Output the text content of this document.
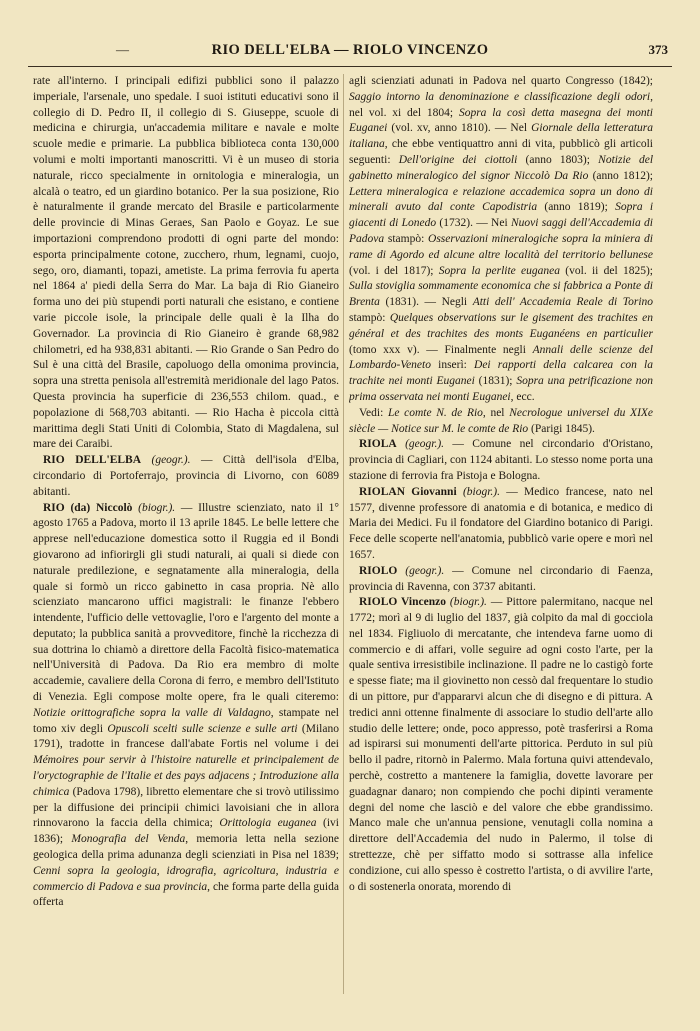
—	RIO DELL'ELBA — RIOLO VINCENZO	373

rate all'interno. I principali edifizi pubblici sono il palazzo imperiale, l'arsenale, uno spedale. I suoi istituti educativi sono il collegio di D. Pedro II, il collegio di S. Giuseppe, scuole di medicina e chirurgia, un'accademia militare e navale e molte scuole medie e primarie. La pubblica biblioteca conta 130,000 volumi e molti importanti manoscritti. Vi è un museo di storia naturale, ricco specialmente in ornitologia e mineralogia, un alcalà o teatro, ed un giardino botanico. Per la sua posizione, Rio è naturalmente il grande mercato del Brasile e particolarmente delle provincie di Minas Geraes, San Paolo e Goyaz. Le sue importazioni comprendono prodotti di ogni parte del mondo: esporta principalmente cotone, zucchero, rhum, legnami, cuojo, sego, oro, diamanti, topazi, ametiste. La prima ferrovia fu aperta nel 1864 a' piedi della Serra do Mar. La baja di Rio Gianeiro forma uno dei più stupendi porti naturali che esistano, e contiene varie piccole isole, la principale delle quali è la Ilha do Governador. La provincia di Rio Gianeiro è grande 68,982 chilometri, ed ha 938,831 abitanti. — Rio Grande o San Pedro do Sul è una città del Brasile, capoluogo della omonima provincia, sopra una stretta penisola all'estremità meridionale del lago Patos. Questa provincia ha superficie di 236,553 chilom. quad., e popolazione di 568,703 abitanti. — Rio Hacha è piccola città marittima degli Stati Uniti di Colombia, Stato di Magdalena, sul mare dei Caraibi.

RIO DELL'ELBA (geogr.). — Città dell'isola d'Elba, circondario di Portoferrajo, provincia di Livorno, con 6089 abitanti.

RIO (da) Niccolò (biogr.). — Illustre scienziato, nato il 1° agosto 1765 a Padova, morto il 13 aprile 1845. Le belle lettere che apprese nell'educazione domestica sotto il Ruggia ed il Bondi giovarono ad infiorirgli gli studi naturali, ai quali si diede con naturale predilezione, e segnatamente alla mineralogia, della quale si formò un ricco gabinetto in casa propria. Nè allo scienziato mancarono uffici magistrali: le finanze l'ebbero intendente, l'ufficio delle vettovaglie, l'oro e l'argento del monte a deputato; la pubblica sanità a provveditore, finchè la ricchezza di sua dottrina lo chiamò a direttore della Facoltà fisico-matematica nell'Università di Padova. Da Rio era membro di molte accademie, cavaliere della Corona di ferro, e membro dell'Istituto di Venezia. Egli compose molte opere, fra le quali citeremo: Notizie orittografiche sopra la valle di Valdagno, stampate nel tomo xiv degli Opuscoli scelti sulle scienze e sulle arti (Milano 1791), tradotte in francese dall'abate Fortis nel volume i dei Mémoires pour servir à l'histoire naturelle et principalement de l'oryctographie de l'Italie et des pays adjacens ; Introduzione alla chimica (Padova 1798), libretto elementare che si trovò utilissimo per la diffusione dei principii chimici lavoisiani che in allora rinnovarono la faccia della chimica; Orittologia euganea (ivi 1836); Monografia del Venda, memoria letta nella sezione geologica della prima adunanza degli scienziati in Pisa nel 1839; Cenni sopra la geologia, idrografia, agricoltura, industria e commercio di Padova e sua provincia, che forma parte della guida offerta

agli scienziati adunati in Padova nel quarto Congresso (1842); Saggio intorno la denominazione e classificazione degli odori, nel vol. xi del 1804; Sopra la così detta masegna dei monti Euganei (vol. xv, anno 1810). — Nel Giornale della letteratura italiana, che ebbe ventiquattro anni di vita, pubblicò gli articoli seguenti: Dell'origine dei ciottoli (anno 1803); Notizie del gabinetto mineralogico del signor Niccolò Da Rio (anno 1812); Lettera mineralogica e relazione accademica sopra un dono di minerali avuto dal conte Capodistria (anno 1819); Sopra i giacenti di Lonedo (1732). — Nei Nuovi saggi dell'Accademia di Padova stampò: Osservazioni mineralogiche sopra la miniera di rame di Agordo ed alcune altre località del territorio bellunese (vol. i del 1817); Sopra la perlite euganea (vol. ii del 1825); Sulla stoviglia sommamente economica che si fabbrica a Ponte di Brenta (1831). — Negli Atti dell' Accademia Reale di Torino stampò: Quelques observations sur le gisement des trachites en général et des trachites des monts Euganéens en particulier (tomo xxx v). — Finalmente negli Annali delle scienze del Lombardo-Veneto inserì: Dei rapporti della calcarea con la trachite nei monti Euganei (1831); Sopra una petrificazione non prima osservata nei monti Euganei, ecc.

Vedi: Le comte N. de Rio, nel Necrologue universel du XIXe siècle — Notice sur M. le comte de Rio (Parigi 1845).

RIOLA (geogr.). — Comune nel circondario d'Oristano, provincia di Cagliari, con 1124 abitanti. Lo stesso nome porta una stazione di ferrovia fra Pistoja e Bologna.

RIOLAN Giovanni (biogr.). — Medico francese, nato nel 1577, divenne professore di anatomia e di botanica, e medico di Maria dei Medici. Fu il fondatore del Giardino botanico di Parigi. Fece delle scoperte nell'anatomia, pubblicò varie opere e morì nel 1657.

RIOLO (geogr.). — Comune nel circondario di Faenza, provincia di Ravenna, con 3737 abitanti.

RIOLO Vincenzo (biogr.). — Pittore palermitano, nacque nel 1772; morì al 9 di luglio del 1837, già colpito da mal di gocciola nel 1834. Figliuolo di mercatante, che intendeva farne uomo di commercio e di affari, volle seguire ad ogni costo l'arte, per la quale sentiva irresistibile inclinazione. Il padre ne lo castigò forte e spesse fiate; ma il giovinetto non cessò dal frequentare lo studio di un pittore, pur d'appararvi alcun che di disegno e di pittura. A tredici anni ottenne finalmente di associare lo studio dell'arte allo studio delle lettere; onde, poco appresso, potè trasferirsi a Roma ad ispirarsi sui monumenti dell'arte pittorica. Perduto in sul più bello il padre, ritornò in Palermo. Mala fortuna quivi attendevalo, perchè, costretto a mantenere la famiglia, dovette lavorare per guadagnar danaro; non compiendo che pochi dipinti veramente degni del nome che lasciò e del valore che ebbe grandissimo. Manco male che un'annua pensione, venutagli colla nomina a direttore dell'Accademia del nudo in Palermo, il tolse di strettezze, chè per siffatto modo si sottrasse alla infelice condizione, cui allo spesso è costretto l'artista, o di avvilire l'arte, o di sostenerla onorata, morendo di
